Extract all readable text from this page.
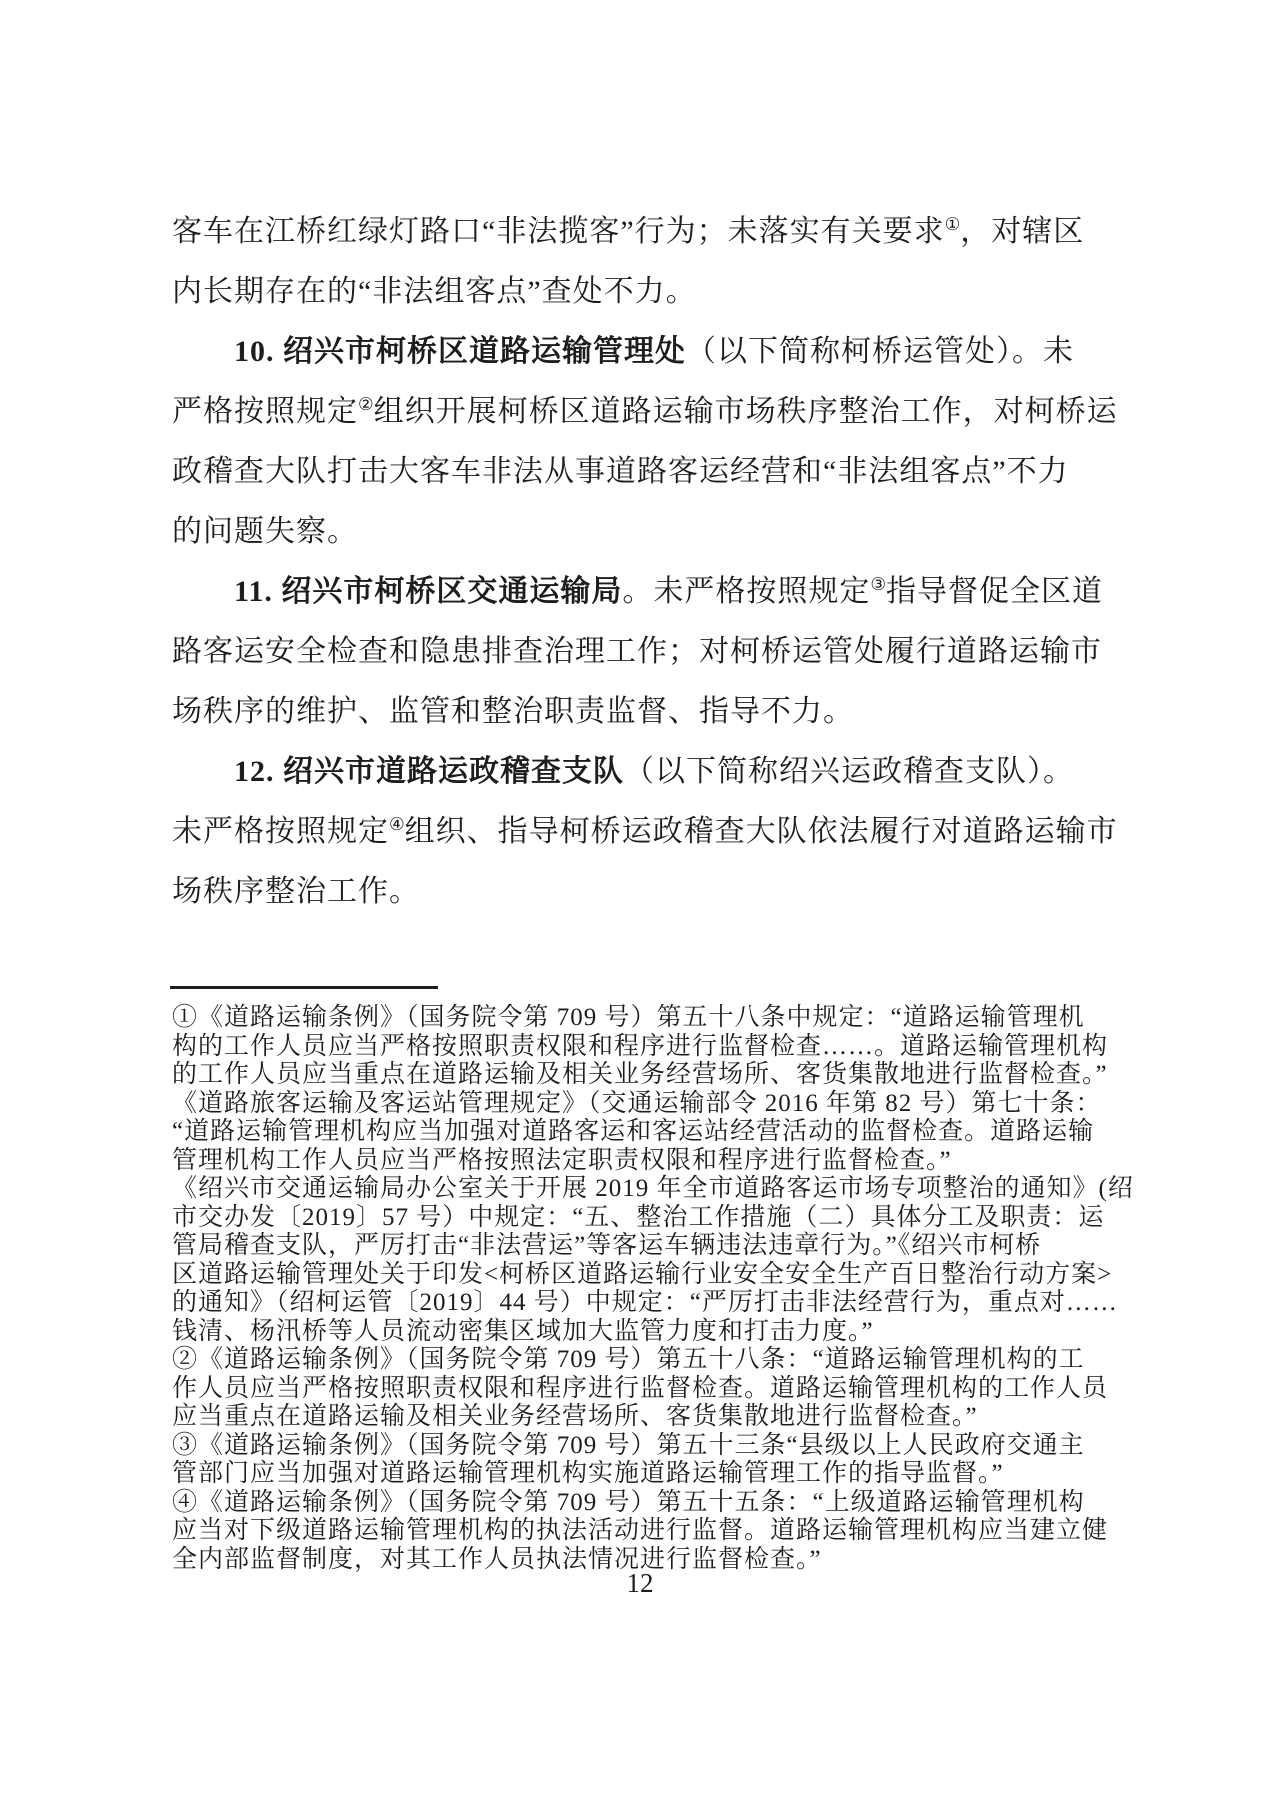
客车在江桥红绿灯路口“非法揽客”行为；未落实有关要求①，对辖区
内长期存在的“非法组客点”查处不力。
10. 绍兴市柯桥区道路运输管理处（以下简称柯桥运管处）。未
严格按照规定②组织开展柯桥区道路运输市场秩序整治工作，对柯桥运
政稽查大队打击大客车非法从事道路客运经营和“非法组客点”不力
的问题失察。
11. 绍兴市柯桥区交通运输局。未严格按照规定③指导督促全区道
路客运安全检查和隐患排查治理工作；对柯桥运管处履行道路运输市
场秩序的维护、监管和整治职责监督、指导不力。
12. 绍兴市道路运政稽查支队（以下简称绍兴运政稽查支队）。
未严格按照规定④组织、指导柯桥运政稽查大队依法履行对道路运输市
场秩序整治工作。
①《道路运输条例》（国务院令第 709 号）第五十八条中规定：“道路运输管理机
构的工作人员应当严格按照职责权限和程序进行监督检查……。道路运输管理机构
的工作人员应当重点在道路运输及相关业务经营场所、客货集散地进行监督检查。”
《道路旅客运输及客运站管理规定》（交通运输部令 2016 年第 82 号）第七十条：
“道路运输管理机构应当加强对道路客运和客运站经营活动的监督检查。道路运输
管理机构工作人员应当严格按照法定职责权限和程序进行监督检查。”
《绍兴市交通运输局办公室关于开展 2019 年全市道路客运市场专项整治的通知》(绍
市交办发〔2019〕57 号）中规定：“五、整治工作措施（二）具体分工及职责：运
管局稽查支队，严厉打击“非法营运”等客运车辆违法违章行为。”《绍兴市柯桥
区道路运输管理处关于印发<柯桥区道路运输行业安全安全生产百日整治行动方案>
的通知》（绍柯运管〔2019〕44 号）中规定：“严厉打击非法经营行为，重点对……
钱清、杨汛桥等人员流动密集区域加大监管力度和打击力度。”
②《道路运输条例》（国务院令第 709 号）第五十八条：“道路运输管理机构的工
作人员应当严格按照职责权限和程序进行监督检查。道路运输管理机构的工作人员
应当重点在道路运输及相关业务经营场所、客货集散地进行监督检查。”
③《道路运输条例》（国务院令第 709 号）第五十三条“县级以上人民政府交通主
管部门应当加强对道路运输管理机构实施道路运输管理工作的指导监督。”
④《道路运输条例》（国务院令第 709 号）第五十五条：“上级道路运输管理机构
应当对下级道路运输管理机构的执法活动进行监督。道路运输管理机构应当建立健
全内部监督制度，对其工作人员执法情况进行监督检查。”
12
